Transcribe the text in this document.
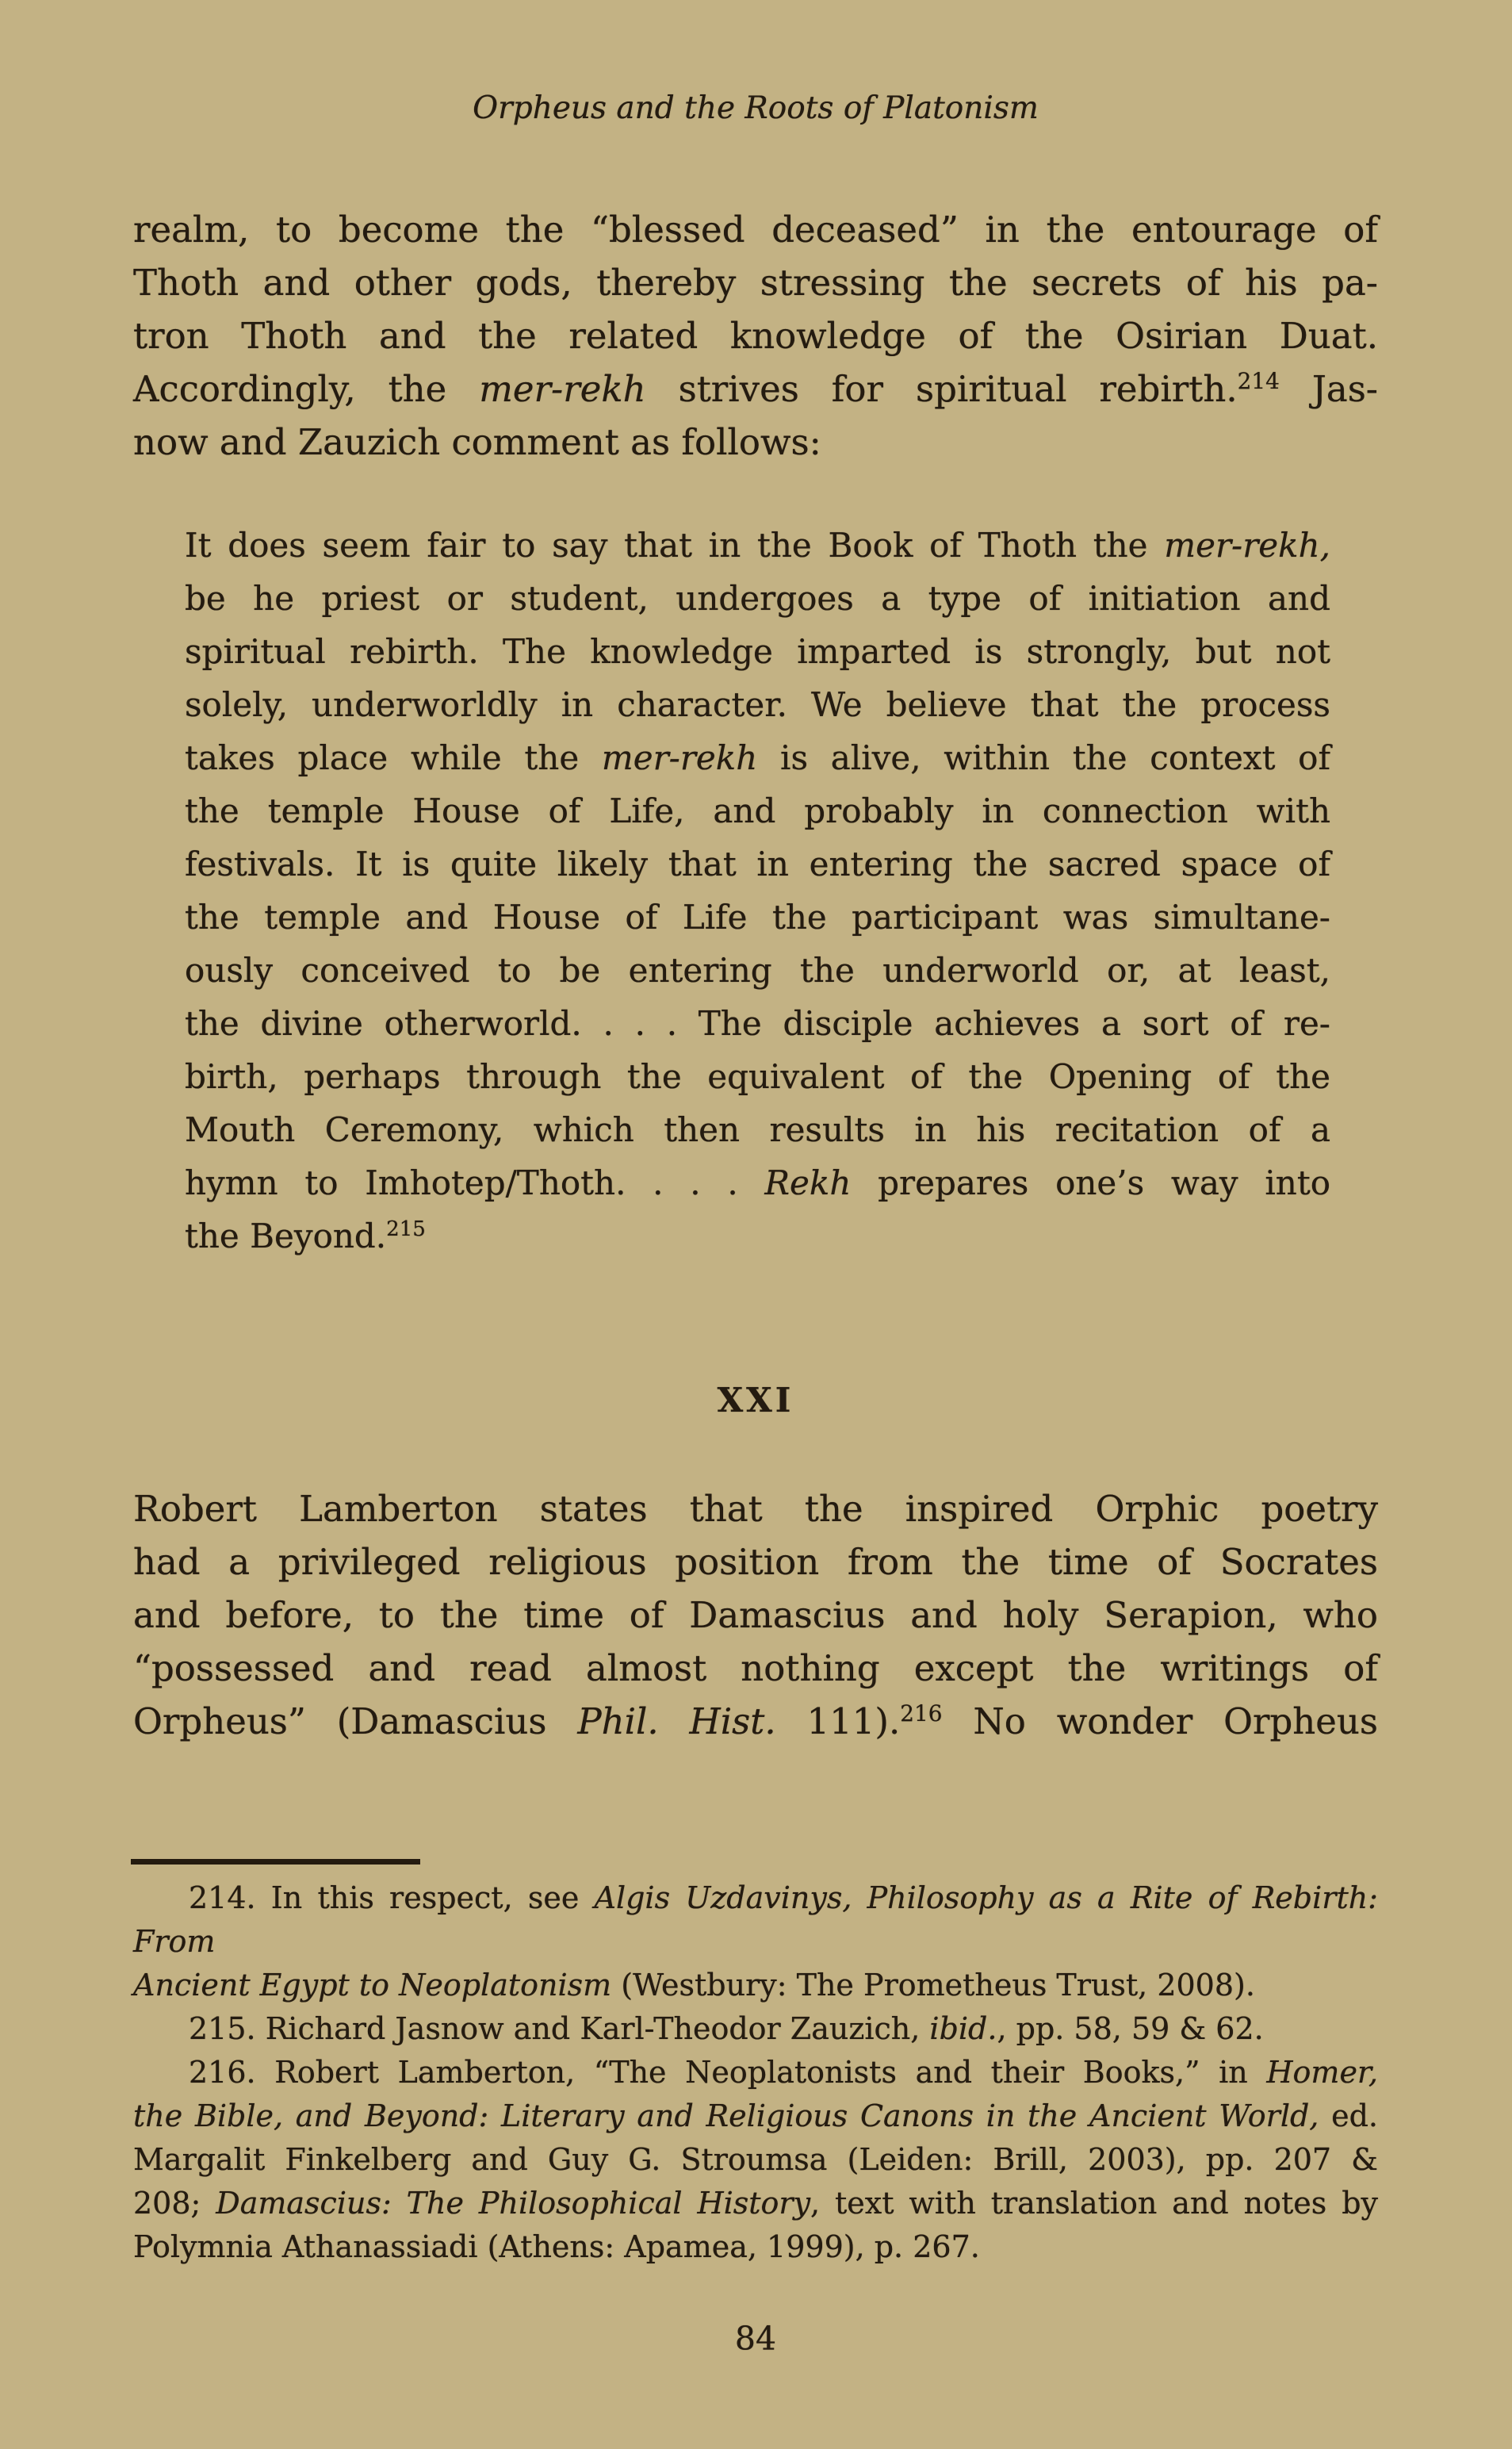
Orpheus and the Roots of Platonism
realm, to become the “blessed deceased” in the entourage of
Thoth and other gods, thereby stressing the secrets of his pa-
tron Thoth and the related knowledge of the Osirian Duat.
Accordingly, the mer-rekh strives for spiritual rebirth.$^{214}$ Jas-
now and Zauzich comment as follows:
It does seem fair to say that in the Book of Thoth the mer-rekh,
be he priest or student, undergoes a type of initiation and
spiritual rebirth. The knowledge imparted is strongly, but not
solely, underworldly in character. We believe that the process
takes place while the mer-rekh is alive, within the context of
the temple House of Life, and probably in connection with
festivals. It is quite likely that in entering the sacred space of
the temple and House of Life the participant was simultane-
ously conceived to be entering the underworld or, at least,
the divine otherworld. . . . The disciple achieves a sort of re-
birth, perhaps through the equivalent of the Opening of the
Mouth Ceremony, which then results in his recitation of a
hymn to Imhotep/Thoth. . . . Rekh prepares one’s way into
the Beyond.$^{215}$
XXI
Robert Lamberton states that the inspired Orphic poetry
had a privileged religious position from the time of Socrates
and before, to the time of Damascius and holy Serapion, who
“possessed and read almost nothing except the writings of
Orpheus” (Damascius Phil. Hist. 111).$^{216}$ No wonder Orpheus
214. In this respect, see Algis Uzdavinys, Philosophy as a Rite of Rebirth: From
Ancient Egypt to Neoplatonism (Westbury: The Prometheus Trust, 2008).
215. Richard Jasnow and Karl-Theodor Zauzich, ibid., pp. 58, 59 & 62.
216. Robert Lamberton, “The Neoplatonists and their Books,” in Homer,
the Bible, and Beyond: Literary and Religious Canons in the Ancient World, ed.
Margalit Finkelberg and Guy G. Stroumsa (Leiden: Brill, 2003), pp. 207 &
208; Damascius: The Philosophical History, text with translation and notes by
Polymnia Athanassiadi (Athens: Apamea, 1999), p. 267.
84
